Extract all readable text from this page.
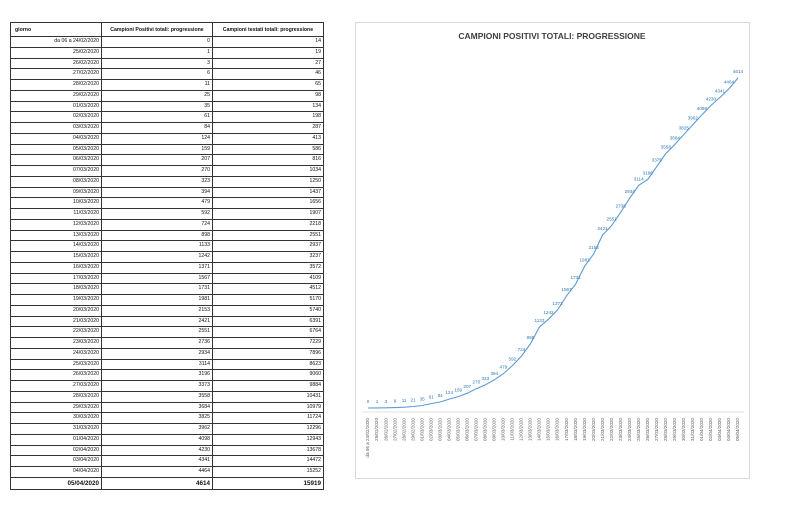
giorno	Campioni Positivi totali: progressione	Campioni testati totali: progressione
da 06 a 24/02/2020	0	14
25/02/2020	1	19
26/02/2020	3	27
27/02/2020	6	46
28/02/2020	11	65
29/02/2020	25	98
01/03/2020	35	134
02/03/2020	61	198
03/03/2020	84	287
04/03/2020	124	413
05/03/2020	159	586
06/03/2020	207	816
07/03/2020	270	1034
08/03/2020	323	1250
09/03/2020	394	1437
10/03/2020	479	1656
11/03/2020	592	1907
12/03/2020	724	2218
13/03/2020	898	2551
14/03/2020	1133	2937
15/03/2020	1242	3237
16/03/2020	1371	3572
17/03/2020	1567	4109
18/03/2020	1731	4512
19/03/2020	1981	5170
20/03/2020	2153	5740
21/03/2020	2421	6391
22/03/2020	2551	6764
23/03/2020	2736	7229
24/03/2020	2934	7896
25/03/2020	3114	8623
26/03/2020	3196	9060
27/03/2020	3373	9884
28/03/2020	3558	10431
29/03/2020	3684	10979
30/03/2020	3825	11724
31/03/2020	3962	12296
01/04/2020	4098	12943
02/04/2020	4230	13678
03/04/2020	4341	14472
04/04/2020	4464	15252
05/04/2020	4614	15919
CAMPIONI POSITIVI TOTALI: PROGRESSIONE
0 1 3 6 11 21 35 61 84
124 159
207
270
323
394
479
592
724
898
1133
1242
1371
1567
1731
1981
2153
2421
2551
2736
2934
3114
3196
3375
3558
3684
3825
3962
4098
4230
4341
4464
4614
da 06 a 24/02/2020 25/02/2020 26/02/2020 27/02/2020 28/02/2020 29/02/2020 01/03/2020 02/03/2020 03/03/2020 04/03/2020 05/03/2020 06/03/2020 07/03/2020 08/03/2020 09/03/2020 10/03/2020 11/03/2020 12/03/2020 13/03/2020 14/03/2020 15/03/2020 16/03/2020 17/03/2020 18/03/2020 19/03/2020 20/03/2020 21/03/2020 22/03/2020 23/03/2020 24/03/2020 25/03/2020 26/03/2020 27/03/2020 28/03/2020 29/03/2020 30/03/2020 31/03/2020 01/04/2020 02/04/2020 03/04/2020 04/04/2020 05/04/2020
